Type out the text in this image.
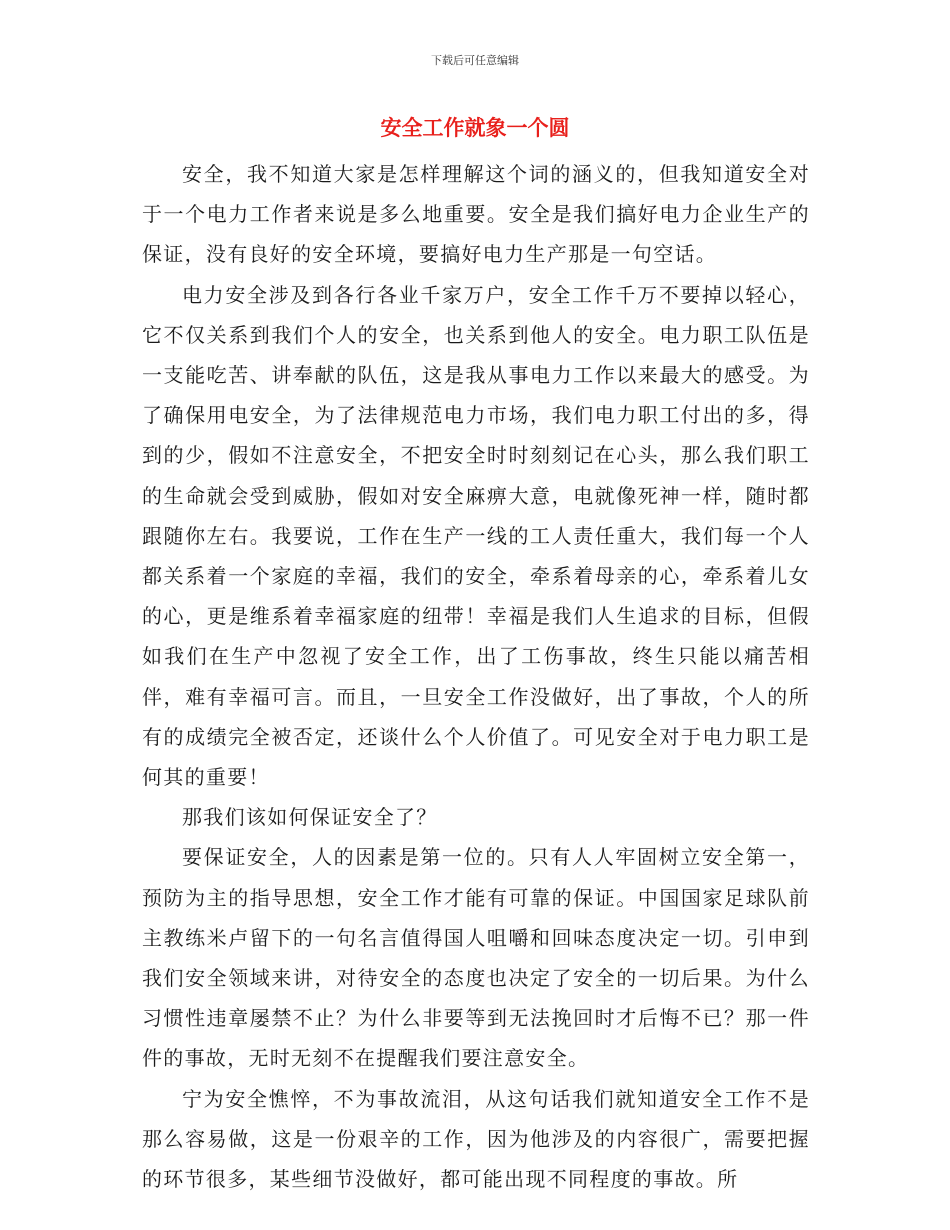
下载后可任意编辑
安全工作就象一个圆

安全，我不知道大家是怎样理解这个词的涵义的，但我知道安全对于一个电力工作者来说是多么地重要。安全是我们搞好电力企业生产的保证，没有良好的安全环境，要搞好电力生产那是一句空话。

电力安全涉及到各行各业千家万户，安全工作千万不要掉以轻心，它不仅关系到我们个人的安全，也关系到他人的安全。电力职工队伍是一支能吃苦、讲奉献的队伍，这是我从事电力工作以来最大的感受。为了确保用电安全，为了法律规范电力市场，我们电力职工付出的多，得到的少，假如不注意安全，不把安全时时刻刻记在心头，那么我们职工的生命就会受到威胁，假如对安全麻痹大意，电就像死神一样，随时都跟随你左右。我要说，工作在生产一线的工人责任重大，我们每一个人都关系着一个家庭的幸福，我们的安全，牵系着母亲的心，牵系着儿女的心，更是维系着幸福家庭的纽带！幸福是我们人生追求的目标，但假如我们在生产中忽视了安全工作，出了工伤事故，终生只能以痛苦相伴，难有幸福可言。而且，一旦安全工作没做好，出了事故，个人的所有的成绩完全被否定，还谈什么个人价值了。可见安全对于电力职工是何其的重要！

那我们该如何保证安全了？

要保证安全，人的因素是第一位的。只有人人牢固树立安全第一，预防为主的指导思想，安全工作才能有可靠的保证。中国国家足球队前主教练米卢留下的一句名言值得国人咀嚼和回味态度决定一切。引申到我们安全领域来讲，对待安全的态度也决定了安全的一切后果。为什么习惯性违章屡禁不止？为什么非要等到无法挽回时才后悔不已？那一件件的事故，无时无刻不在提醒我们要注意安全。

宁为安全憔悴，不为事故流泪，从这句话我们就知道安全工作不是那么容易做，这是一份艰辛的工作，因为他涉及的内容很广，需要把握的环节很多，某些细节没做好，都可能出现不同程度的事故。所
